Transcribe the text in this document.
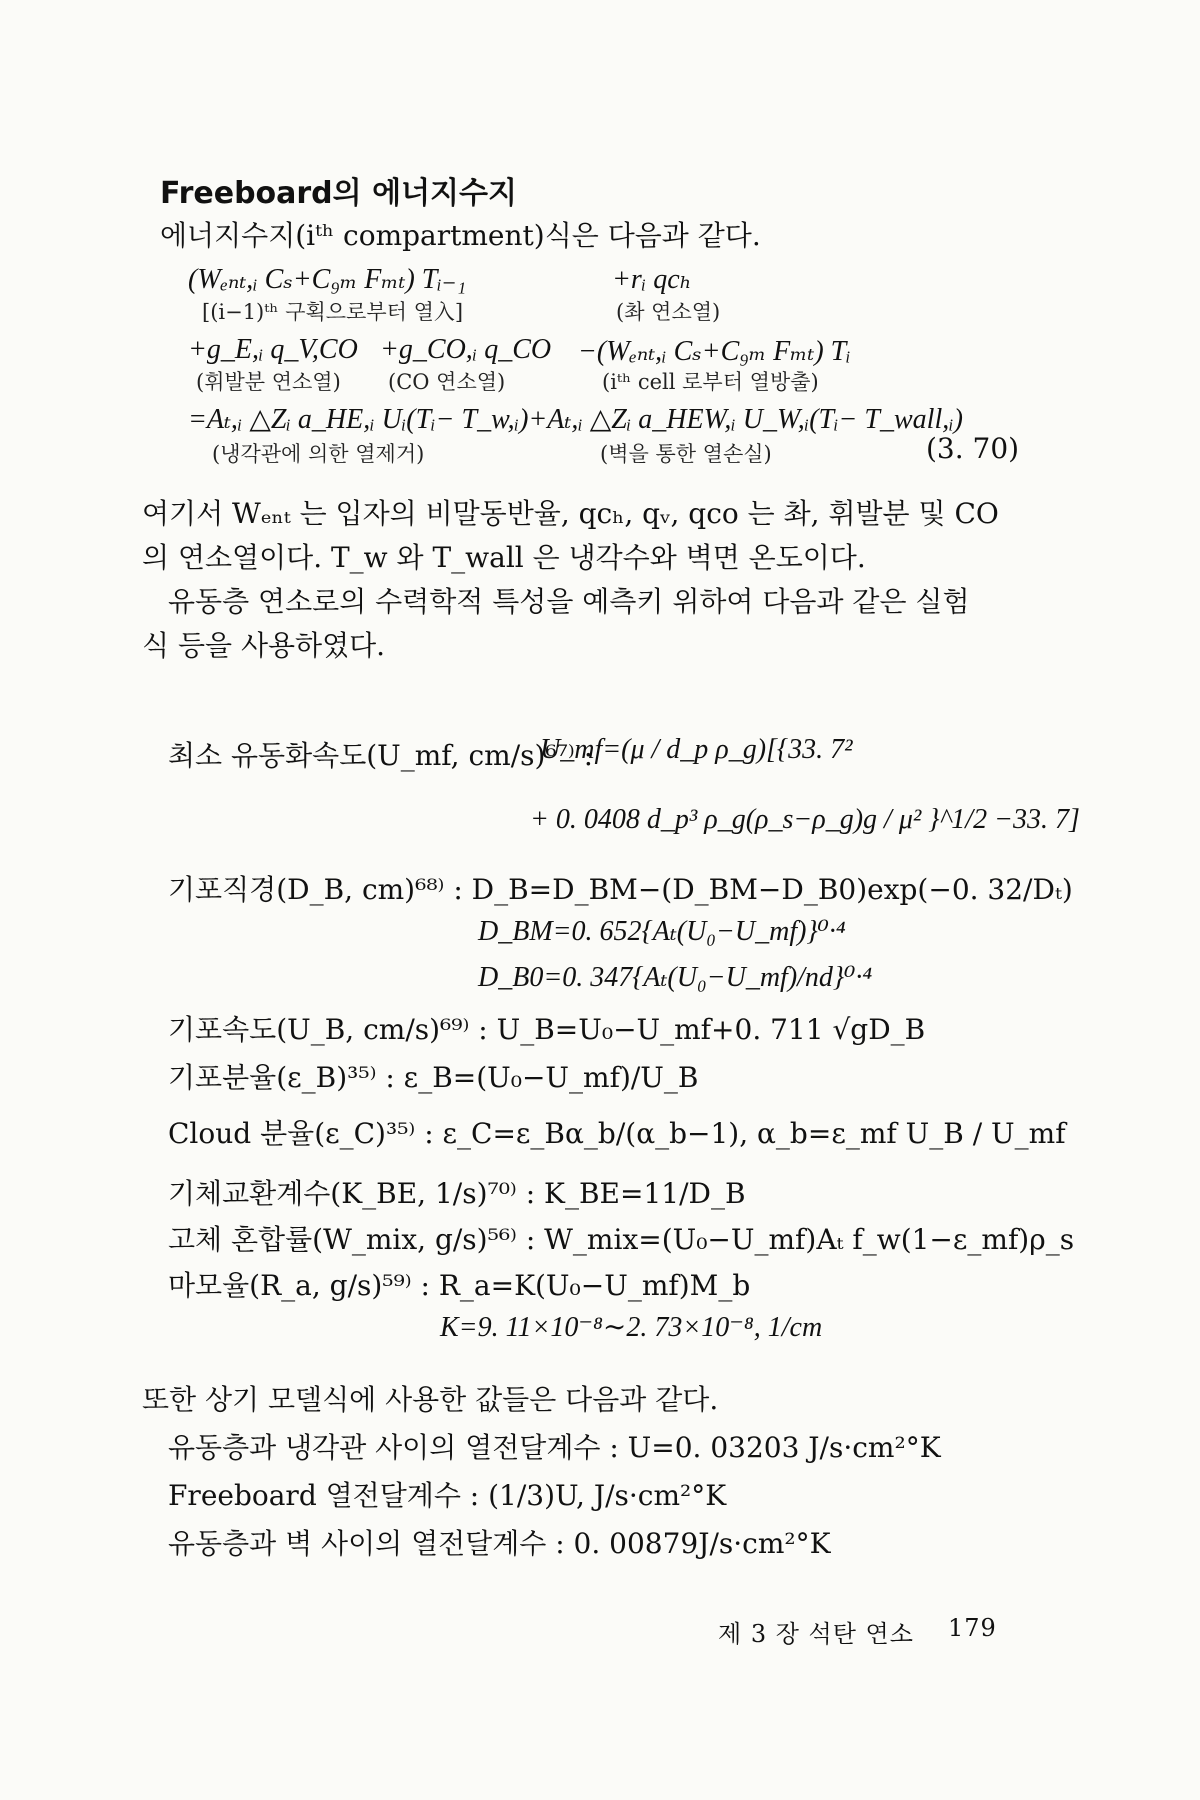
Freeboard의 에너지수지
에너지수지(iᵗʰ compartment)식은 다음과 같다.
(Wₑₙₜ,ᵢ Cₛ+C₉ₘ Fₘₜ) Tᵢ₋₁
[(i−1)ᵗʰ 구획으로부터 열入]
+rᵢ qcₕ
(촤 연소열)
+g_E,ᵢ q_V,CO
(휘발분 연소열)
+g_CO,ᵢ q_CO
(CO 연소열)
−(Wₑₙₜ,ᵢ Cₛ+C₉ₘ Fₘₜ) Tᵢ
(iᵗʰ cell 로부터 열방출)
=Aₜ,ᵢ △Zᵢ a_HE,ᵢ Uᵢ(Tᵢ− T_w,ᵢ)+Aₜ,ᵢ △Zᵢ a_HEW,ᵢ U_W,ᵢ(Tᵢ− T_wall,ᵢ)
(냉각관에 의한 열제거)	(벽을 통한 열손실)	(3. 70)
여기서 Wₑₙₜ 는 입자의 비말동반율, qcₕ, qᵥ, qco 는 촤, 휘발분 및 CO
의 연소열이다. T_w 와 T_wall 은 냉각수와 벽면 온도이다.
유동층 연소로의 수력학적 특성을 예측키 위하여 다음과 같은 실험
식 등을 사용하였다.
최소 유동화속도(U_mf, cm/s)⁶⁷⁾ :
U_mf=(μ / d_p ρ_g)[{33. 7²
+ 0. 0408 d_p³ ρ_g(ρ_s−ρ_g)g / μ² }^1/2 −33. 7]
기포직경(D_B, cm)⁶⁸⁾ : D_B=D_BM−(D_BM−D_B0)exp(−0. 32/Dₜ)
D_BM=0. 652{Aₜ(U₀−U_mf)}⁰·⁴
D_B0=0. 347{Aₜ(U₀−U_mf)/nd}⁰·⁴
기포속도(U_B, cm/s)⁶⁹⁾ : U_B=U₀−U_mf+0. 711 √gD_B
기포분율(ε_B)³⁵⁾ : ε_B=(U₀−U_mf)/U_B
Cloud 분율(ε_C)³⁵⁾ : ε_C=ε_Bα_b/(α_b−1), α_b=ε_mf U_B / U_mf
기체교환계수(K_BE, 1/s)⁷⁰⁾ : K_BE=11/D_B
고체 혼합률(W_mix, g/s)⁵⁶⁾ : W_mix=(U₀−U_mf)Aₜ f_w(1−ε_mf)ρ_s
마모율(R_a, g/s)⁵⁹⁾ : R_a=K(U₀−U_mf)M_b
K=9. 11×10⁻⁸∼2. 73×10⁻⁸, 1/cm
또한 상기 모델식에 사용한 값들은 다음과 같다.
유동층과 냉각관 사이의 열전달계수 : U=0. 03203 J/s·cm²°K
Freeboard 열전달계수 : (1/3)U, J/s·cm²°K
유동층과 벽 사이의 열전달계수 : 0. 00879J/s·cm²°K
제 3 장 석탄 연소 179
